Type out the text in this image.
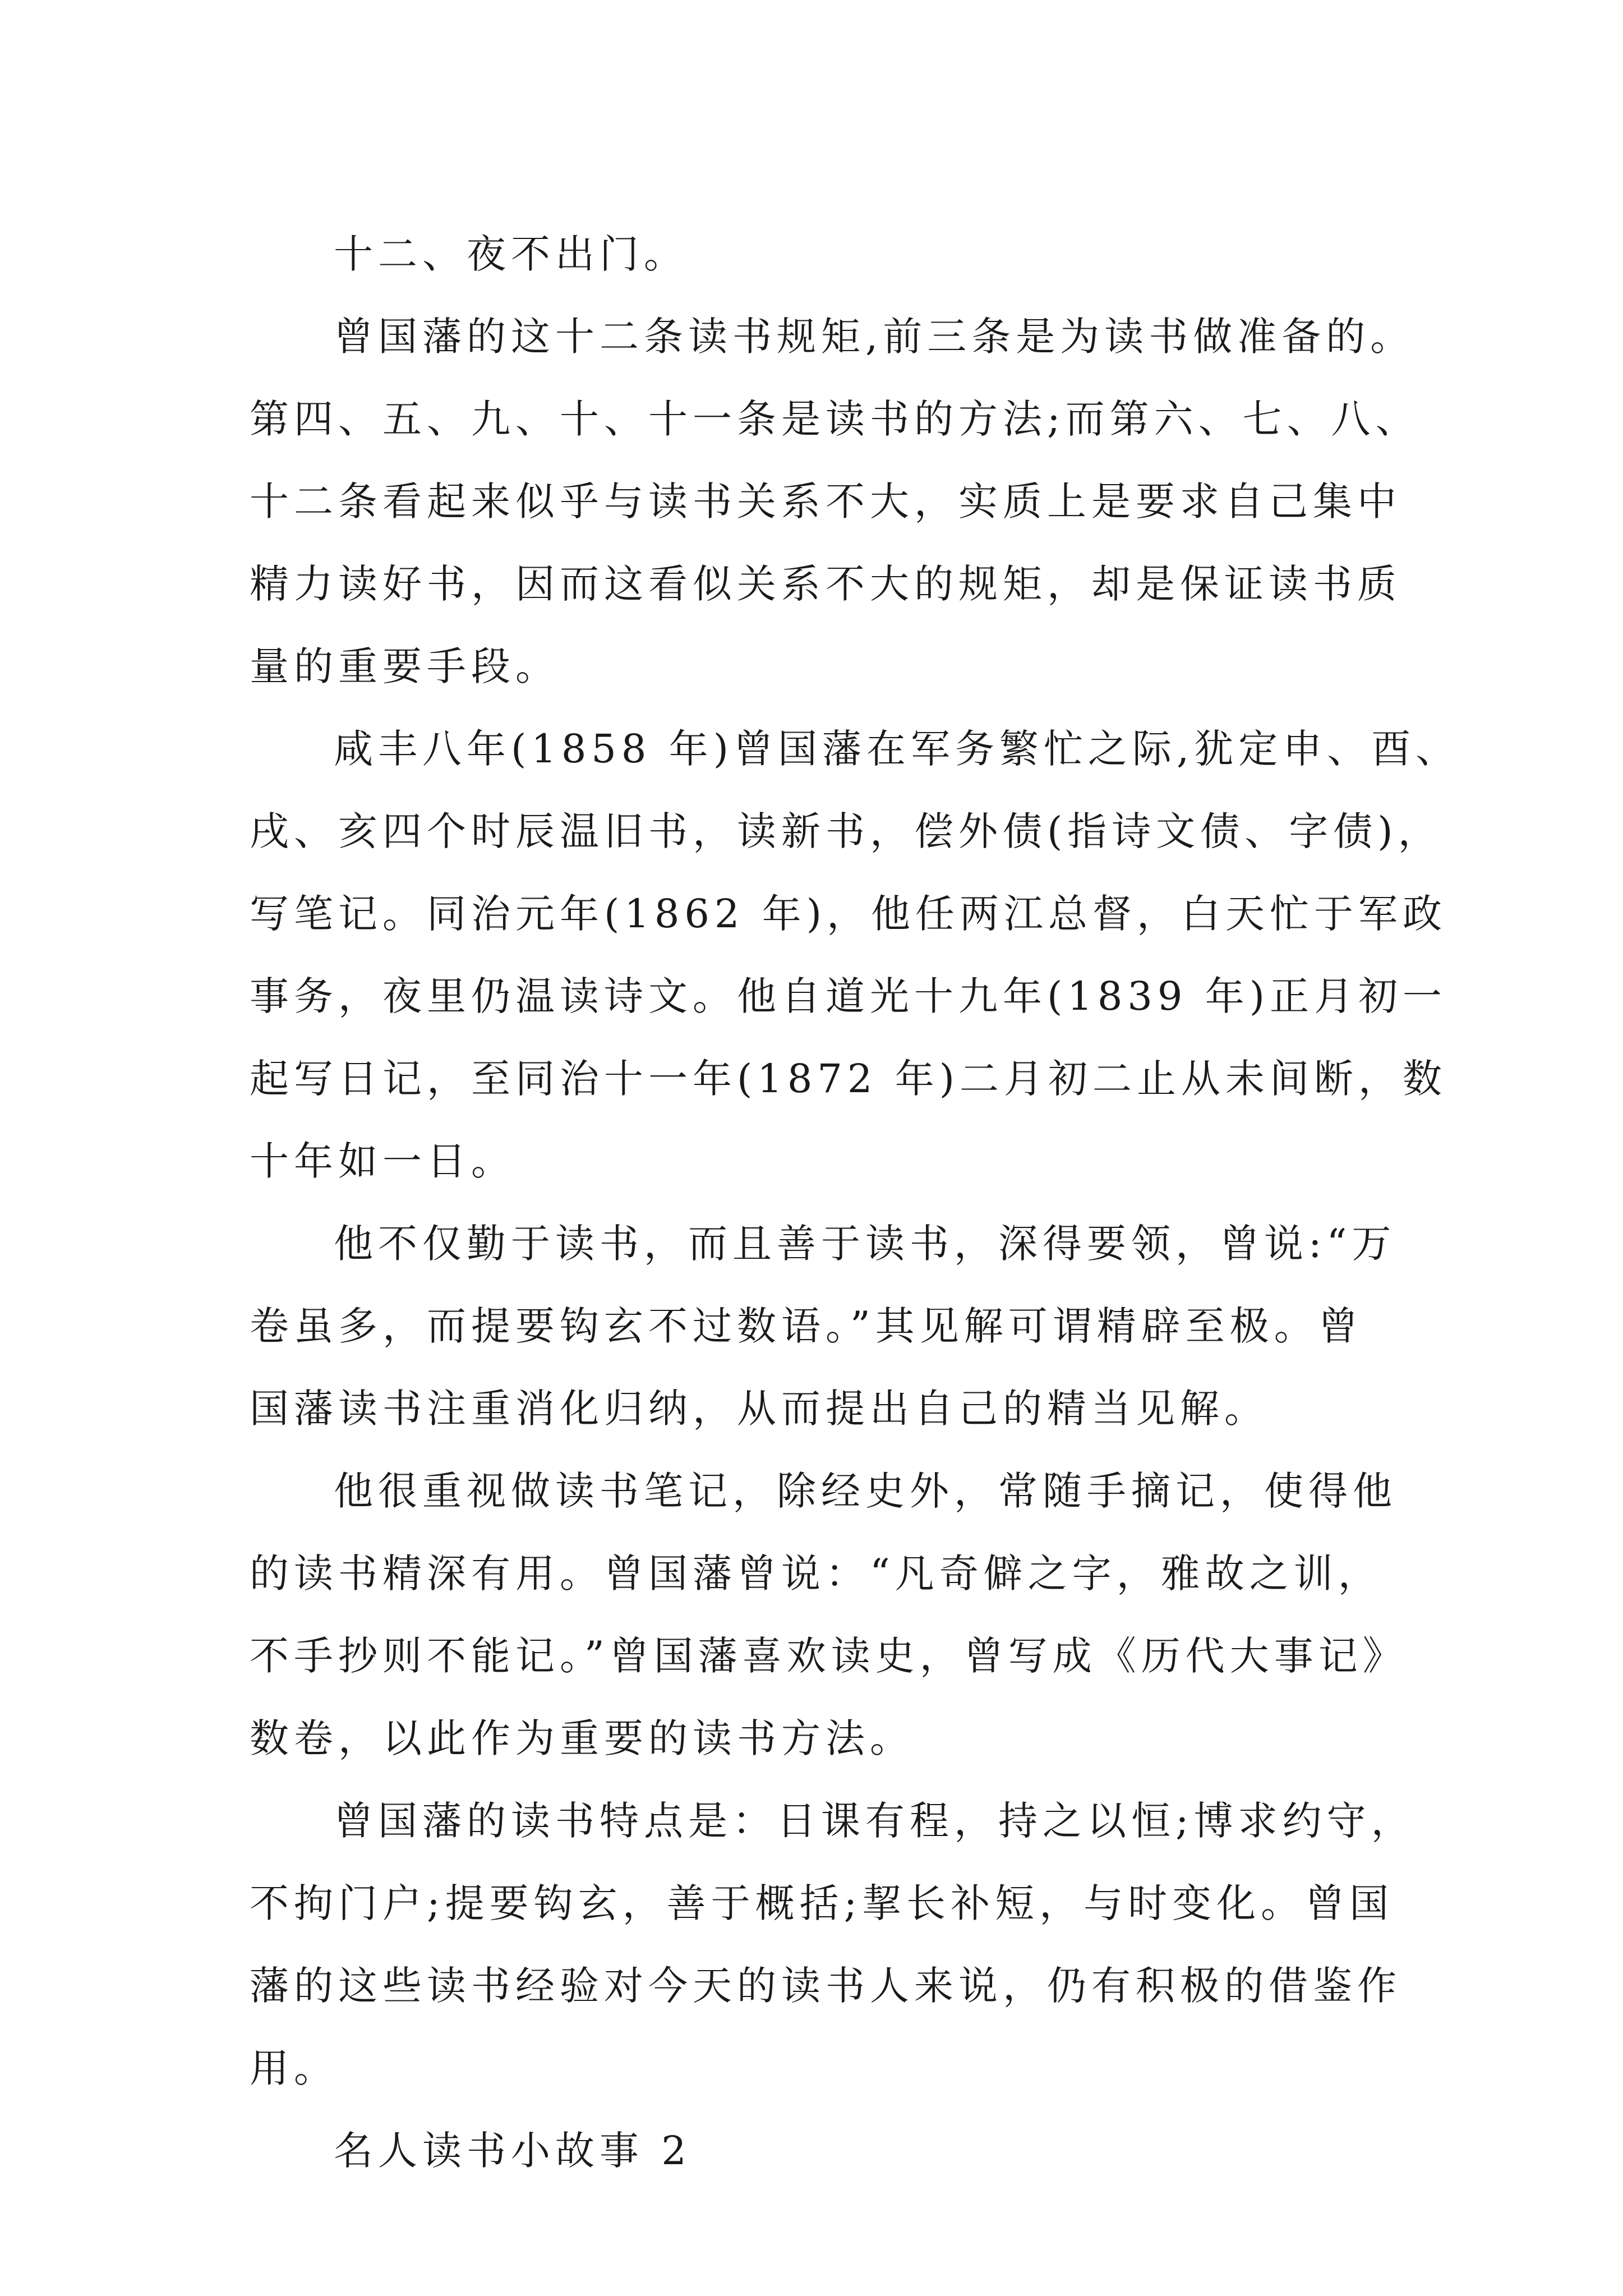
十二、夜不出门。
曾国藩的这十二条读书规矩,前三条是为读书做准备的。
第四、五、九、十、十一条是读书的方法;而第六、七、八、
十二条看起来似乎与读书关系不大，实质上是要求自己集中
精力读好书，因而这看似关系不大的规矩，却是保证读书质
量的重要手段。
咸丰八年(1858 年)曾国藩在军务繁忙之际,犹定申、酉、
戌、亥四个时辰温旧书，读新书，偿外债(指诗文债、字债)，
写笔记。同治元年(1862 年)，他任两江总督，白天忙于军政
事务，夜里仍温读诗文。他自道光十九年(1839 年)正月初一
起写日记，至同治十一年(1872 年)二月初二止从未间断，数
十年如一日。
他不仅勤于读书，而且善于读书，深得要领，曾说:“万
卷虽多，而提要钩玄不过数语。”其见解可谓精辟至极。曾
国藩读书注重消化归纳，从而提出自己的精当见解。
他很重视做读书笔记，除经史外，常随手摘记，使得他
的读书精深有用。曾国藩曾说：“凡奇僻之字，雅故之训，
不手抄则不能记。”曾国藩喜欢读史，曾写成《历代大事记》
数卷，以此作为重要的读书方法。
曾国藩的读书特点是：日课有程，持之以恒;博求约守，
不拘门户;提要钩玄，善于概括;挈长补短，与时变化。曾国
藩的这些读书经验对今天的读书人来说，仍有积极的借鉴作
用。
名人读书小故事 2
